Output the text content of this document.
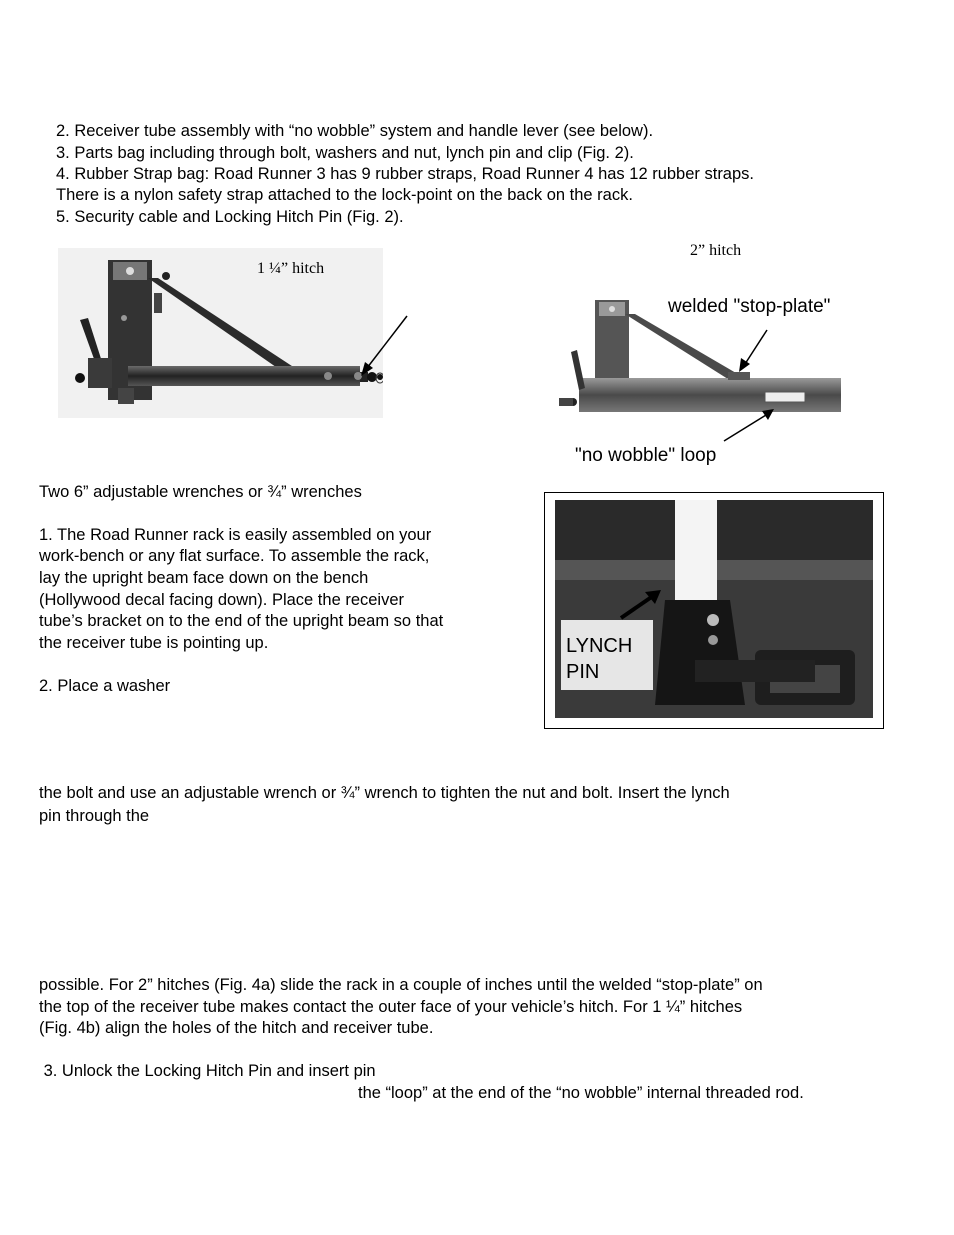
2. Receiver tube assembly with “no wobble” system and handle lever (see below).
3. Parts bag including through bolt, washers and nut, lynch pin and clip (Fig. 2).
4. Rubber Strap bag: Road Runner 3 has 9 rubber straps, Road Runner 4 has 12 rubber straps.
There is a nylon safety strap attached to the lock-point on the back on the rack.
5. Security cable and Locking Hitch Pin (Fig. 2).
1 ¼” hitch
2” hitch
welded "stop-plate"
"no wobble" loop
Two 6” adjustable wrenches or ¾” wrenches
1. The Road Runner rack is easily assembled on your
work-bench or any flat surface. To assemble the rack,
lay the upright beam face down on the bench
(Hollywood decal facing down). Place the receiver
tube’s bracket on to the end of the upright beam so that
the receiver tube is pointing up.
2. Place a washer
LYNCH
PIN
the bolt and use an adjustable wrench or ¾” wrench to tighten the nut and bolt. Insert the lynch
pin through the
possible. For 2” hitches (Fig. 4a) slide the rack in a couple of inches until the welded “stop-plate” on
the top of the receiver tube makes contact the outer face of your vehicle’s hitch. For 1 ¼” hitches
(Fig. 4b) align the holes of the hitch and receiver tube.
3. Unlock the Locking Hitch Pin and insert pin
the “loop” at the end of the “no wobble” internal threaded rod.
